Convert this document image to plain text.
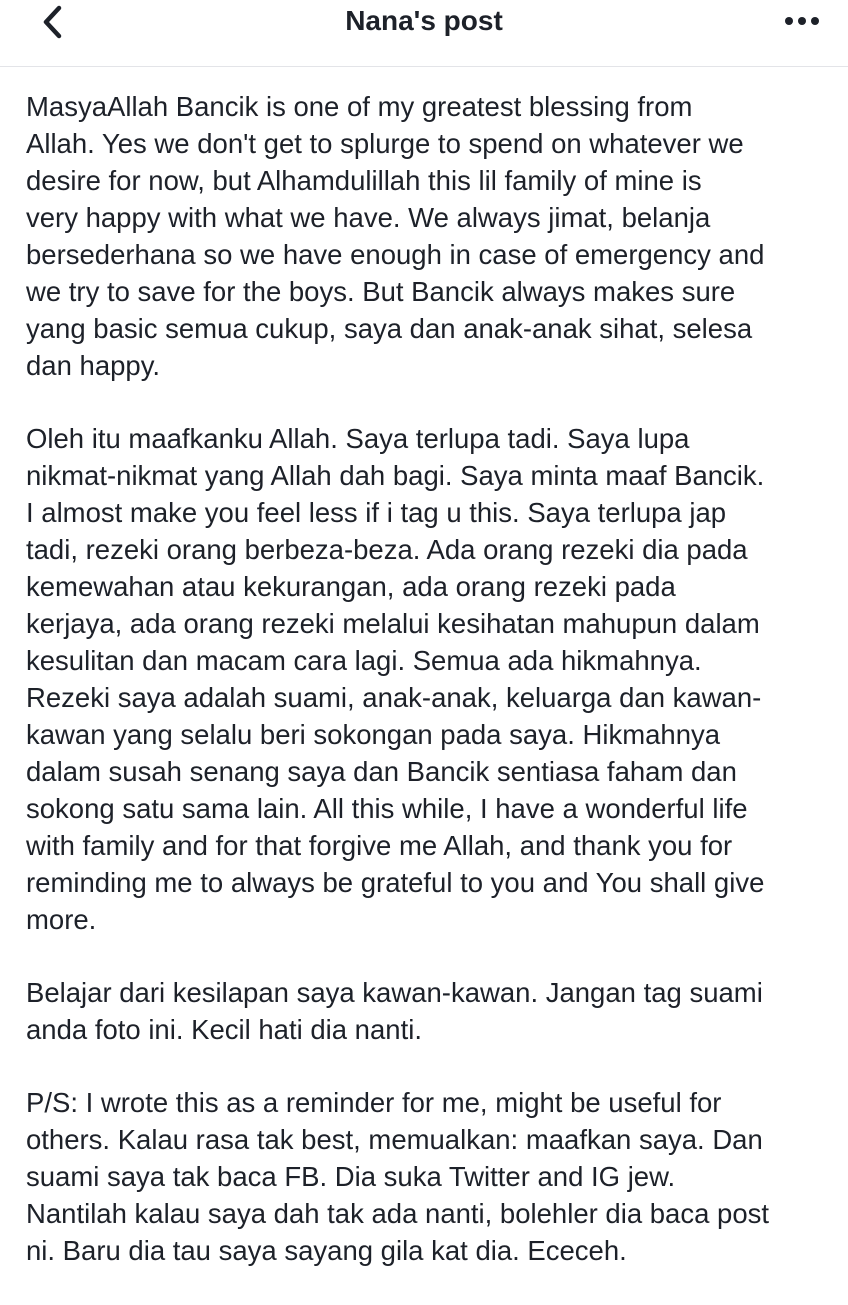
Nana's post

MasyaAllah Bancik is one of my greatest blessing from
Allah. Yes we don't get to splurge to spend on whatever we
desire for now, but Alhamdulillah this lil family of mine is
very happy with what we have. We always jimat, belanja
bersederhana so we have enough in case of emergency and
we try to save for the boys. But Bancik always makes sure
yang basic semua cukup, saya dan anak-anak sihat, selesa
dan happy.

Oleh itu maafkanku Allah. Saya terlupa tadi. Saya lupa
nikmat-nikmat yang Allah dah bagi. Saya minta maaf Bancik.
I almost make you feel less if i tag u this. Saya terlupa jap
tadi, rezeki orang berbeza-beza. Ada orang rezeki dia pada
kemewahan atau kekurangan, ada orang rezeki pada
kerjaya, ada orang rezeki melalui kesihatan mahupun dalam
kesulitan dan macam cara lagi. Semua ada hikmahnya.
Rezeki saya adalah suami, anak-anak, keluarga dan kawan-
kawan yang selalu beri sokongan pada saya. Hikmahnya
dalam susah senang saya dan Bancik sentiasa faham dan
sokong satu sama lain. All this while, I have a wonderful life
with family and for that forgive me Allah, and thank you for
reminding me to always be grateful to you and You shall give
more.

Belajar dari kesilapan saya kawan-kawan. Jangan tag suami
anda foto ini. Kecil hati dia nanti.

P/S: I wrote this as a reminder for me, might be useful for
others. Kalau rasa tak best, memualkan: maafkan saya. Dan
suami saya tak baca FB. Dia suka Twitter and IG jew.
Nantilah kalau saya dah tak ada nanti, bolehler dia baca post
ni. Baru dia tau saya sayang gila kat dia. Ececeh.
